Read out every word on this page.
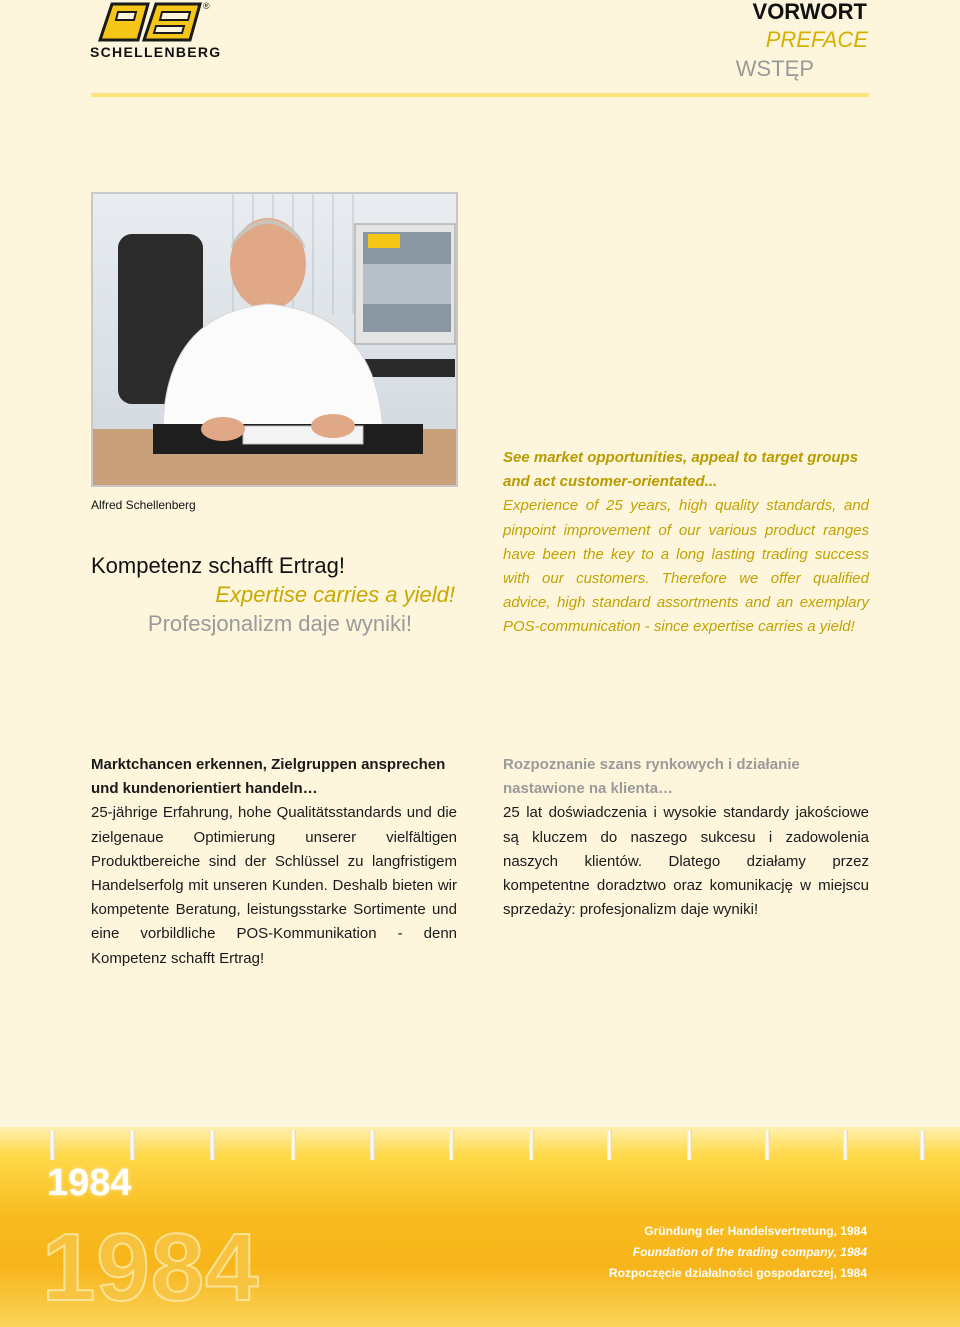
®
SCHELLENBERG
VORWORT
PREFACE
WSTĘP
Alfred Schellenberg
Kompetenz schafft Ertrag!
Expertise carries a yield!
Profesjonalizm daje wyniki!

See market opportunities, appeal to target groups and act customer-orientated...

Experience of 25 years, high quality standards, and pinpoint improvement of our various product ranges have been the key to a long lasting trading success with our customers. Therefore we offer qualified advice, high standard assortments and an exemplary POS-communication - since expertise carries a yield!

Marktchancen erkennen, Zielgruppen ansprechen und kundenorientiert handeln…

25-jährige Erfahrung, hohe Qualitätsstandards und die zielgenaue Optimierung unserer vielfältigen Produktbereiche sind der Schlüssel zu langfristigem Handelserfolg mit unseren Kunden. Deshalb bieten wir kompetente Beratung, leistungsstarke Sortimente und eine vorbildliche POS-Kommunikation - denn Kompetenz schafft Ertrag!

Rozpoznanie szans rynkowych i działanie nastawione na klienta…

25 lat doświadczenia i wysokie standardy jakościowe są kluczem do naszego sukcesu i zadowolenia naszych klientów. Dlatego działamy przez kompetentne doradztwo oraz komunikację w miejscu sprzedaży: profesjonalizm daje wyniki!

1984
1984	Gründung der Handelsvertretung, 1984
Foundation of the trading company, 1984
Rozpoczęcie działalności gospodarczej, 1984
